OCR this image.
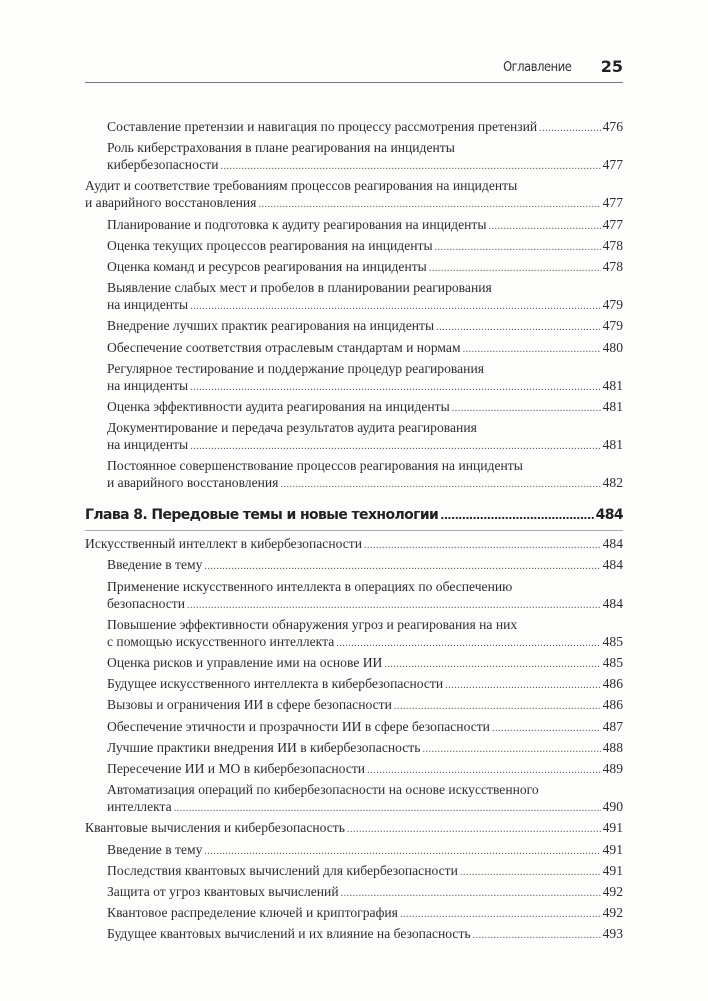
Оглавление 25
Составление претензии и навигация по процессу рассмотрения претензий .....	476
Роль киберстрахования в плане реагирования на инциденты
кибербезопасности .....	477
Аудит и соответствие требованиям процессов реагирования на инциденты
и аварийного восстановления .....	477
Планирование и подготовка к аудиту реагирования на инциденты .....	477
Оценка текущих процессов реагирования на инциденты .....	478
Оценка команд и ресурсов реагирования на инциденты .....	478
Выявление слабых мест и пробелов в планировании реагирования
на инциденты .....	479
Внедрение лучших практик реагирования на инциденты .....	479
Обеспечение соответствия отраслевым стандартам и нормам .....	480
Регулярное тестирование и поддержание процедур реагирования
на инциденты .....	481
Оценка эффективности аудита реагирования на инциденты .....	481
Документирование и передача результатов аудита реагирования
на инциденты .....	481
Постоянное совершенствование процессов реагирования на инциденты
и аварийного восстановления .....	482
Глава 8. Передовые темы и новые технологии .....	484
Искусственный интеллект в кибербезопасности .....	484
Введение в тему .....	484
Применение искусственного интеллекта в операциях по обеспечению
безопасности .....	484
Повышение эффективности обнаружения угроз и реагирования на них
с помощью искусственного интеллекта .....	485
Оценка рисков и управление ими на основе ИИ .....	485
Будущее искусственного интеллекта в кибербезопасности .....	486
Вызовы и ограничения ИИ в сфере безопасности .....	486
Обеспечение этичности и прозрачности ИИ в сфере безопасности .....	487
Лучшие практики внедрения ИИ в кибербезопасность .....	488
Пересечение ИИ и МО в кибербезопасности .....	489
Автоматизация операций по кибербезопасности на основе искусственного
интеллекта .....	490
Квантовые вычисления и кибербезопасность .....	491
Введение в тему .....	491
Последствия квантовых вычислений для кибербезопасности .....	491
Защита от угроз квантовых вычислений .....	492
Квантовое распределение ключей и криптография .....	492
Будущее квантовых вычислений и их влияние на безопасность .....	493
